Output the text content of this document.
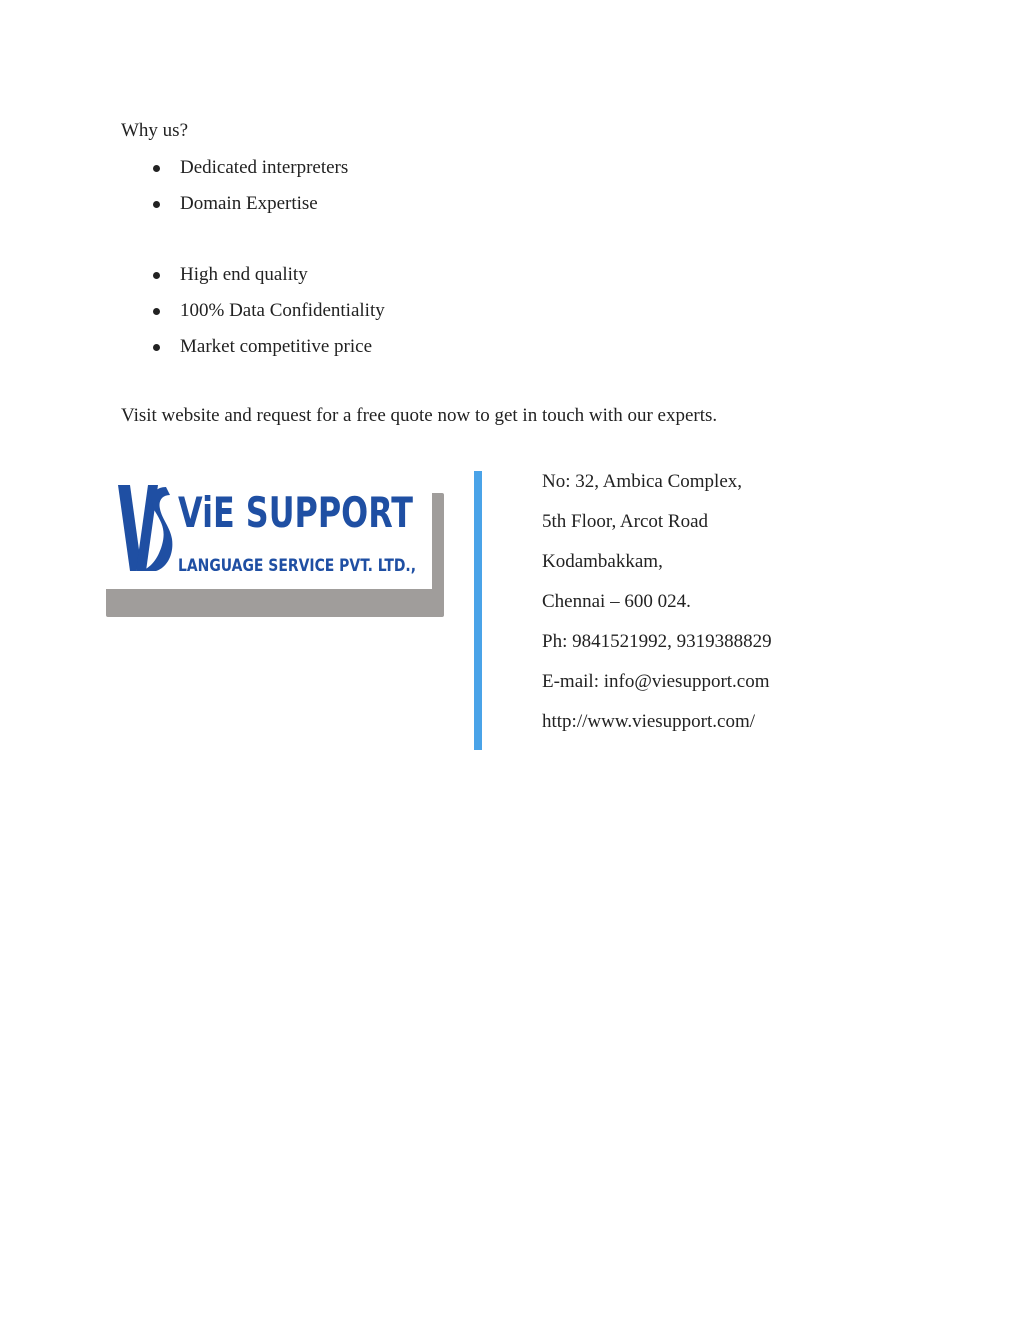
Why us?
Dedicated interpreters
Domain Expertise
High end quality
100% Data Confidentiality
Market competitive price
Visit website and request for a free quote now to get in touch with our experts.
ViE SUPPORT
LANGUAGE SERVICE PVT. LTD.,
No: 32, Ambica Complex,
5th Floor, Arcot Road
Kodambakkam,
Chennai – 600 024.
Ph: 9841521992, 9319388829
E-mail: info@viesupport.com
http://www.viesupport.com/
